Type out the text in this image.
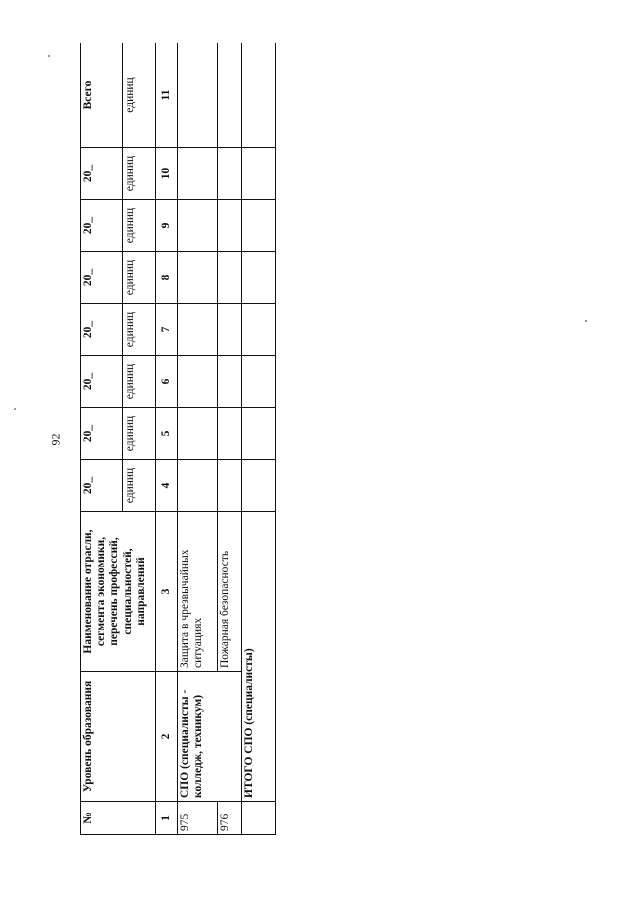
92
№	Уровень образования	Наименование отрасли, сегмента экономики, перечень профессий, специальностей, направлений	20_	20_	20_	20_	20_	20_	20_	Всего
			единиц	единиц	единиц	единиц	единиц	единиц	единиц	единиц
1	2	3	4	5	6	7	8	9	10	11
975	СПО (специалисты - колледж, техникум)	Защита в чрезвычайных ситуациях								
976		Пожарная безопасность								
	ИТОГО СПО (специалисты)									
